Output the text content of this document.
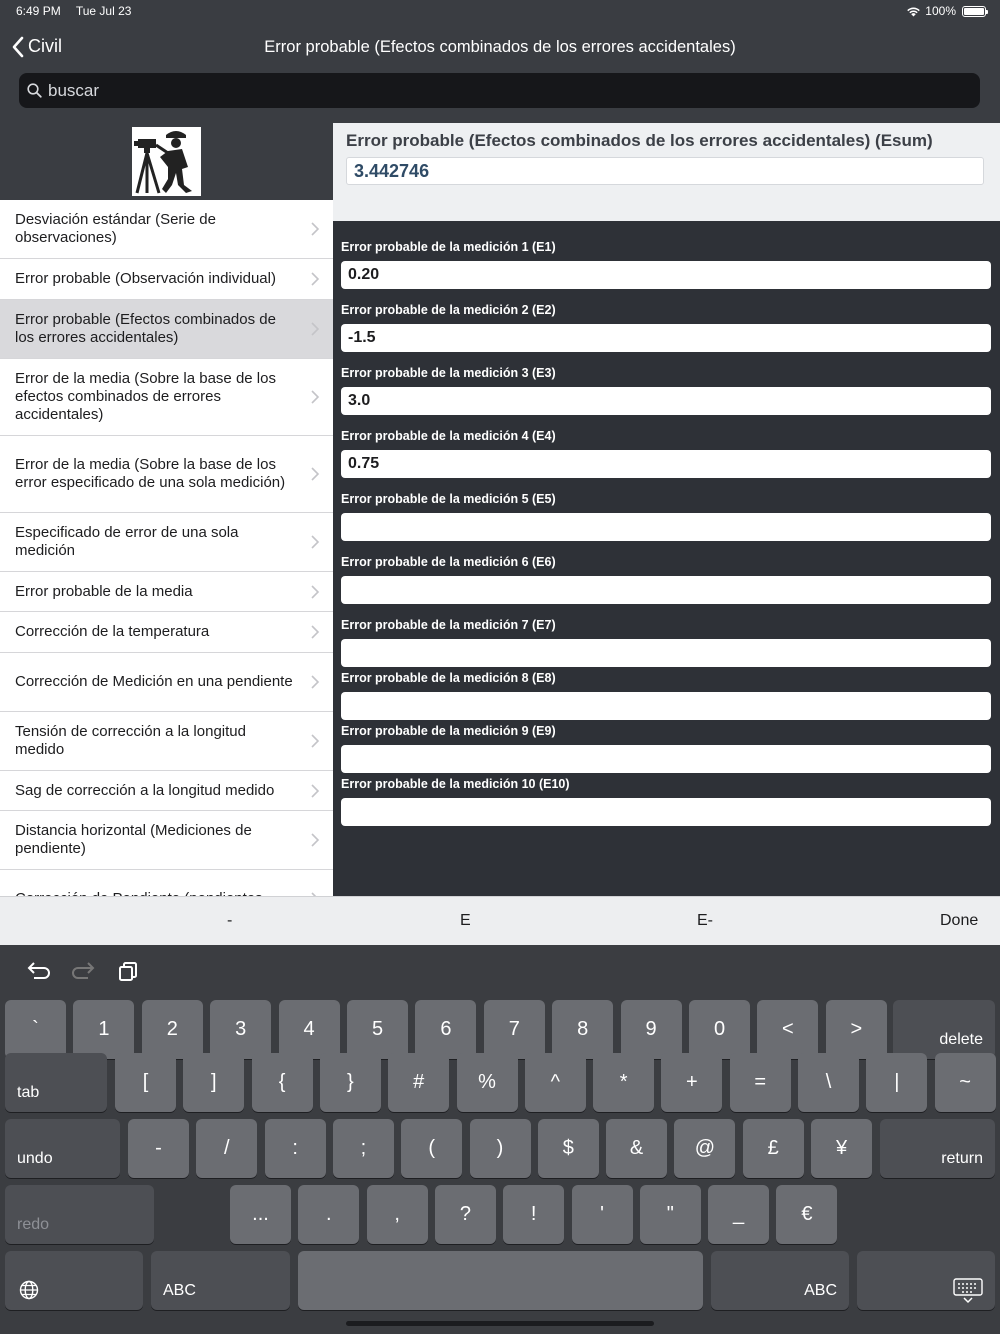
6:49 PM Tue Jul 23	100%
Civil	Error probable (Efectos combinados de los errores accidentales)
buscar
Desviación estándar (Serie de observaciones)
Error probable (Observación individual)
Error probable (Efectos combinados de los errores accidentales)
Error de la media (Sobre la base de los efectos combinados de errores accidentales)
Error de la media (Sobre la base de los error especificado de una sola medición)
Especificado de error de una sola medición
Error probable de la media
Corrección de la temperatura
Corrección de Medición en una pendiente
Tensión de corrección a la longitud medido
Sag de corrección a la longitud medido
Distancia horizontal (Mediciones de pendiente)
Error probable (Efectos combinados de los errores accidentales) (Esum)
3.442746
Error probable de la medición 1 (E1)
0.20
Error probable de la medición 2 (E2)
-1.5
Error probable de la medición 3 (E3)
3.0
Error probable de la medición 4 (E4)
0.75
Error probable de la medición 5 (E5)
Error probable de la medición 6 (E6)
Error probable de la medición 7 (E7)
Error probable de la medición 8 (E8)
Error probable de la medición 9 (E9)
Error probable de la medición 10 (E10)
-	E	E-	Done
`	1	2	3	4	5	6	7	8	9	0	<	>	delete
tab	[	]	{	}	#	%	^	*	+	=	\	|	~
undo	-	/	:	;	(	)	$	&	@	£	¥	return
redo	...	.	,	?	!	'	"	_	€
ABC	ABC
